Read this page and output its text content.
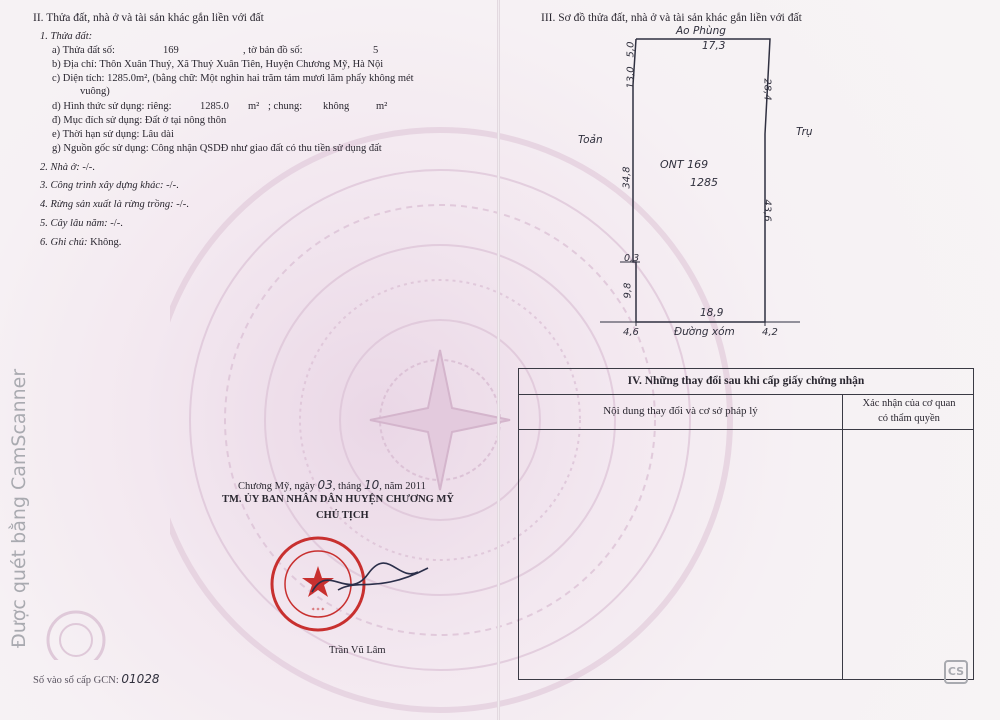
II. Thửa đất, nhà ở và tài sản khác gắn liền với đất
1. Thửa đất:
a) Thửa đất số:	169	, tờ bản đồ số:	5
b) Địa chỉ: Thôn Xuân Thuỷ, Xã Thuỷ Xuân Tiên, Huyện Chương Mỹ, Hà Nội
c) Diện tích: 1285.0m², (bằng chữ: Một nghìn hai trăm tám mươi lăm phẩy không mét
vuông)
d) Hình thức sử dụng: riêng:	1285.0 m² ; chung: không	m²
đ) Mục đích sử dụng: Đất ở tại nông thôn
e) Thời hạn sử dụng: Lâu dài
g) Nguồn gốc sử dụng: Công nhận QSDĐ như giao đất có thu tiền sử dụng đất
2. Nhà ở: -/-.
3. Công trình xây dựng khác: -/-.
4. Rừng sản xuất là rừng trồng: -/-.
5. Cây lâu năm: -/-.
6. Ghi chú: Không.
Chương Mỹ, ngày 03, tháng 10, năm 2011
TM. ỦY BAN NHÂN DÂN HUYỆN CHƯƠNG MỸ
CHỦ TỊCH
* * *
Trần Vũ Lâm
Số vào sổ cấp GCN: 01028
III. Sơ đồ thửa đất, nhà ở và tài sản khác gắn liền với đất
Ao Phùng
17,3
5,0
13,0
28,4
Toản
Trụ
ONT 169
1285
34,8
43,6
0,3
9,8
18,9
4,6	Đường xóm	4,2
IV. Những thay đổi sau khi cấp giấy chứng nhận
Nội dung thay đổi và cơ sở pháp lý
Xác nhận của cơ quan
có thẩm quyền
Được quét bằng CamScanner
CS
